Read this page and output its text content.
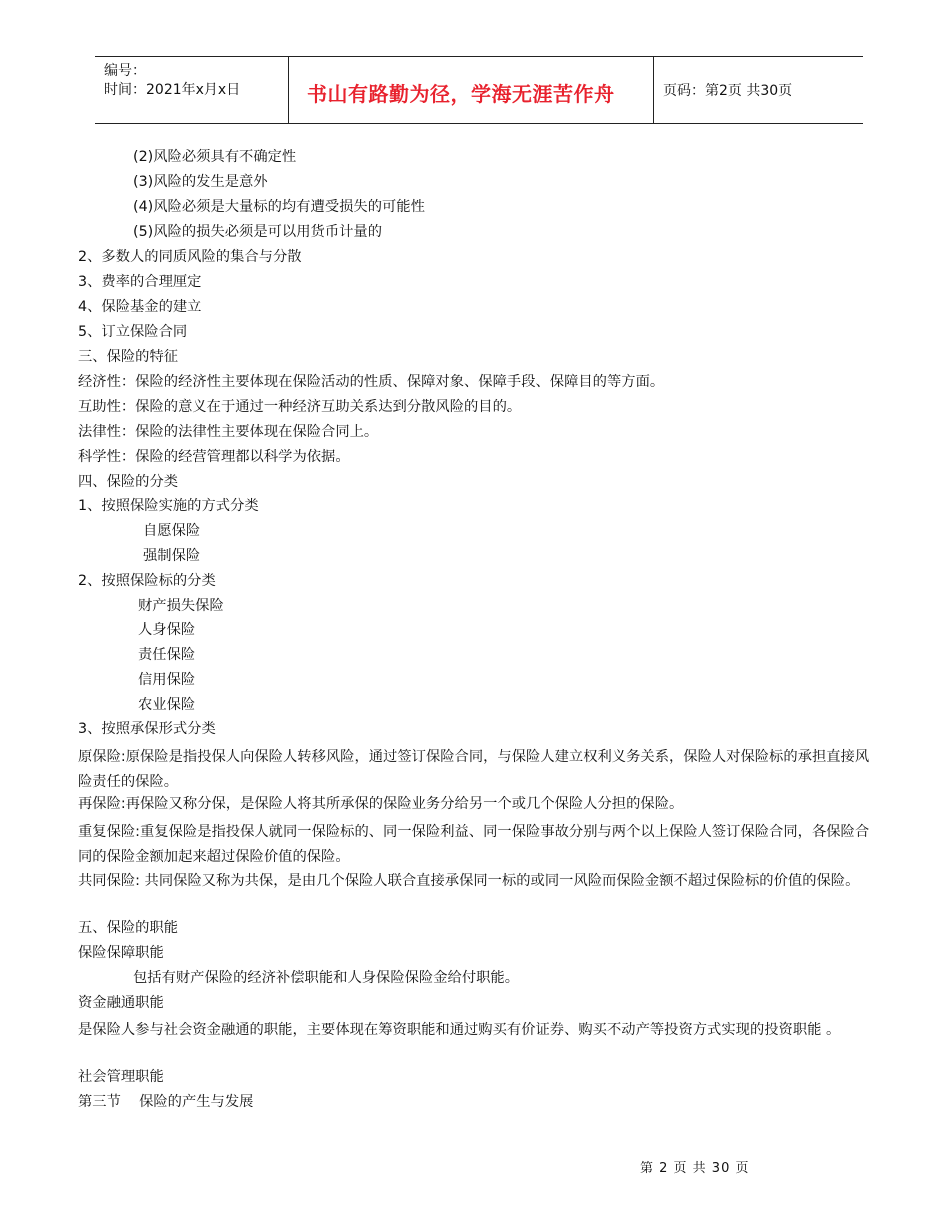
编号：
时间：2021年x月x日	书山有路勤为径，学海无涯苦作舟	页码：第2页 共30页
(2)风险必须具有不确定性
(3)风险的发生是意外
(4)风险必须是大量标的均有遭受损失的可能性
(5)风险的损失必须是可以用货币计量的
2、多数人的同质风险的集合与分散
3、费率的合理厘定
4、保险基金的建立
5、订立保险合同
三、保险的特征
经济性：保险的经济性主要体现在保险活动的性质、保障对象、保障手段、保障目的等方面。
互助性：保险的意义在于通过一种经济互助关系达到分散风险的目的。
法律性：保险的法律性主要体现在保险合同上。
科学性：保险的经营管理都以科学为依据。
四、保险的分类
1、按照保险实施的方式分类
自愿保险
强制保险
2、按照保险标的分类
财产损失保险
人身保险
责任保险
信用保险
农业保险
3、按照承保形式分类
原保险:原保险是指投保人向保险人转移风险，通过签订保险合同，与保险人建立权利义务关系，保险人对保险标的承担直接风险责任的保险。
再保险:再保险又称分保，是保险人将其所承保的保险业务分给另一个或几个保险人分担的保险。
重复保险:重复保险是指投保人就同一保险标的、同一保险利益、同一保险事故分别与两个以上保险人签订保险合同，各保险合同的保险金额加起来超过保险价值的保险。
共同保险: 共同保险又称为共保，是由几个保险人联合直接承保同一标的或同一风险而保险金额不超过保险标的价值的保险。
五、保险的职能
保险保障职能
包括有财产保险的经济补偿职能和人身保险保险金给付职能。
资金融通职能
是保险人参与社会资金融通的职能，主要体现在筹资职能和通过购买有价证券、购买不动产等投资方式实现的投资职能 。
社会管理职能
第三节    保险的产生与发展
第 2 页 共 30 页
